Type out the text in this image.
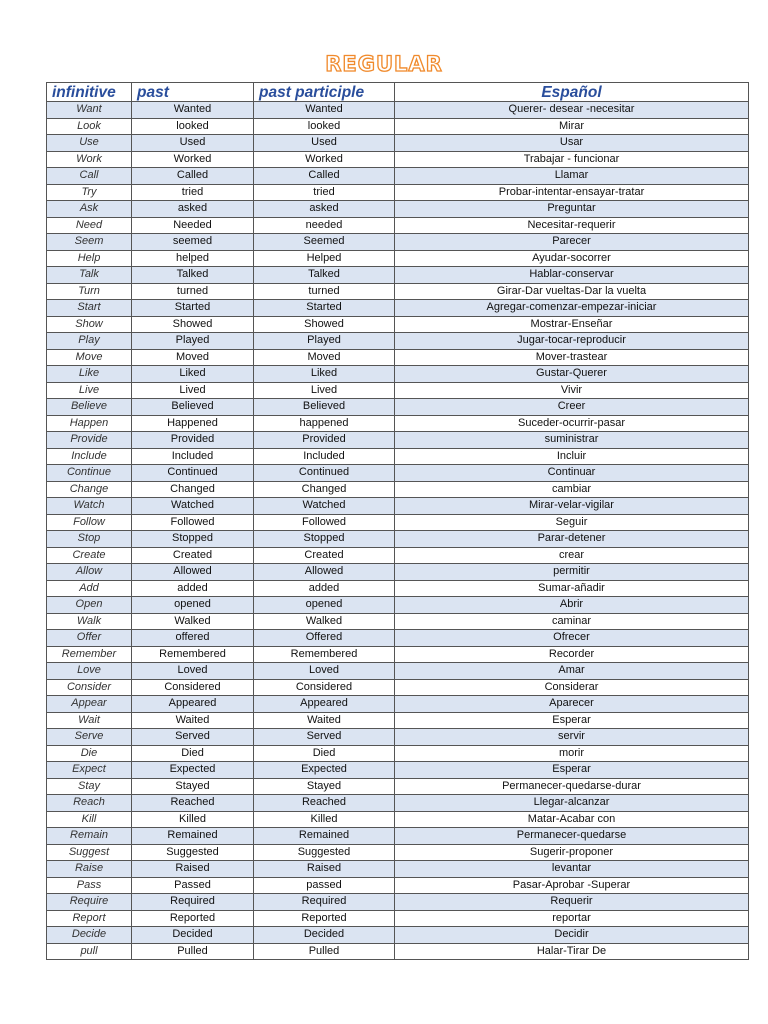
REGULAR
infinitive	past	past participle	Español
Want	Wanted	Wanted	Querer- desear -necesitar
Look	looked	looked	Mirar
Use	Used	Used	Usar
Work	Worked	Worked	Trabajar - funcionar
Call	Called	Called	Llamar
Try	tried	tried	Probar-intentar-ensayar-tratar
Ask	asked	asked	Preguntar
Need	Needed	needed	Necesitar-requerir
Seem	seemed	Seemed	Parecer
Help	helped	Helped	Ayudar-socorrer
Talk	Talked	Talked	Hablar-conservar
Turn	turned	turned	Girar-Dar vueltas-Dar la vuelta
Start	Started	Started	Agregar-comenzar-empezar-iniciar
Show	Showed	Showed	Mostrar-Enseñar
Play	Played	Played	Jugar-tocar-reproducir
Move	Moved	Moved	Mover-trastear
Like	Liked	Liked	Gustar-Querer
Live	Lived	Lived	Vivir
Believe	Believed	Believed	Creer
Happen	Happened	happened	Suceder-ocurrir-pasar
Provide	Provided	Provided	suministrar
Include	Included	Included	Incluir
Continue	Continued	Continued	Continuar
Change	Changed	Changed	cambiar
Watch	Watched	Watched	Mirar-velar-vigilar
Follow	Followed	Followed	Seguir
Stop	Stopped	Stopped	Parar-detener
Create	Created	Created	crear
Allow	Allowed	Allowed	permitir
Add	added	added	Sumar-añadir
Open	opened	opened	Abrir
Walk	Walked	Walked	caminar
Offer	offered	Offered	Ofrecer
Remember	Remembered	Remembered	Recorder
Love	Loved	Loved	Amar
Consider	Considered	Considered	Considerar
Appear	Appeared	Appeared	Aparecer
Wait	Waited	Waited	Esperar
Serve	Served	Served	servir
Die	Died	Died	morir
Expect	Expected	Expected	Esperar
Stay	Stayed	Stayed	Permanecer-quedarse-durar
Reach	Reached	Reached	Llegar-alcanzar
Kill	Killed	Killed	Matar-Acabar con
Remain	Remained	Remained	Permanecer-quedarse
Suggest	Suggested	Suggested	Sugerir-proponer
Raise	Raised	Raised	levantar
Pass	Passed	passed	Pasar-Aprobar -Superar
Require	Required	Required	Requerir
Report	Reported	Reported	reportar
Decide	Decided	Decided	Decidir
pull	Pulled	Pulled	Halar-Tirar De
